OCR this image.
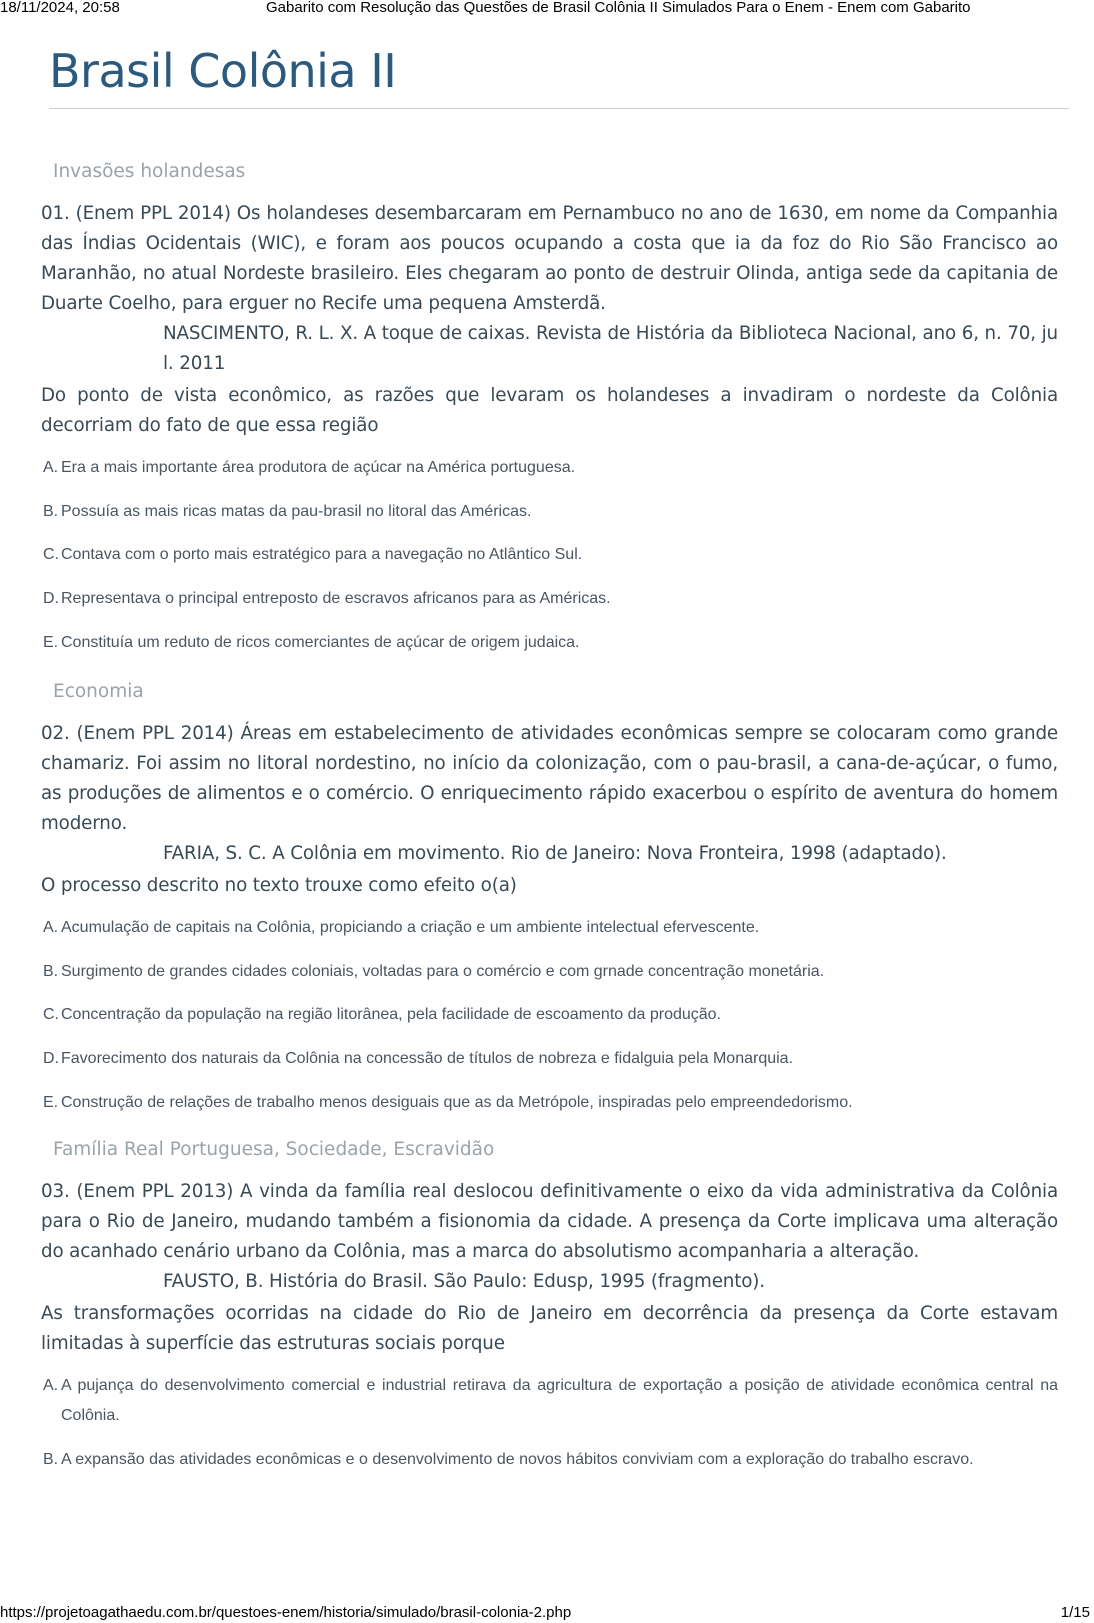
18/11/2024, 20:58	Gabarito com Resolução das Questões de Brasil Colônia II Simulados Para o Enem - Enem com Gabarito
Brasil Colônia II
Invasões holandesas

01. (Enem PPL 2014) Os holandeses desembarcaram em Pernambuco no ano de 1630, em nome da Companhia das Índias Ocidentais (WIC), e foram aos poucos ocupando a costa que ia da foz do Rio São Francisco ao Maranhão, no atual Nordeste brasileiro. Eles chegaram ao ponto de destruir Olinda, antiga sede da capitania de Duarte Coelho, para erguer no Recife uma pequena Amsterdã.

NASCIMENTO, R. L. X. A toque de caixas. Revista de História da Biblioteca Nacional, ano 6, n. 70, jul. 2011

Do ponto de vista econômico, as razões que levaram os holandeses a invadiram o nordeste da Colônia decorriam do fato de que essa região

A. Era a mais importante área produtora de açúcar na América portuguesa.
B. Possuía as mais ricas matas da pau-brasil no litoral das Américas.
C. Contava com o porto mais estratégico para a navegação no Atlântico Sul.
D. Representava o principal entreposto de escravos africanos para as Américas.
E. Constituía um reduto de ricos comerciantes de açúcar de origem judaica.
Economia

02. (Enem PPL 2014) Áreas em estabelecimento de atividades econômicas sempre se colocaram como grande chamariz. Foi assim no litoral nordestino, no início da colonização, com o pau-brasil, a cana-de-açúcar, o fumo, as produções de alimentos e o comércio. O enriquecimento rápido exacerbou o espírito de aventura do homem moderno.

FARIA, S. C. A Colônia em movimento. Rio de Janeiro: Nova Fronteira, 1998 (adaptado).

O processo descrito no texto trouxe como efeito o(a)

A. Acumulação de capitais na Colônia, propiciando a criação e um ambiente intelectual efervescente.
B. Surgimento de grandes cidades coloniais, voltadas para o comércio e com grnade concentração monetária.
C. Concentração da população na região litorânea, pela facilidade de escoamento da produção.
D. Favorecimento dos naturais da Colônia na concessão de títulos de nobreza e fidalguia pela Monarquia.
E. Construção de relações de trabalho menos desiguais que as da Metrópole, inspiradas pelo empreendedorismo.
Família Real Portuguesa, Sociedade, Escravidão

03. (Enem PPL 2013) A vinda da família real deslocou definitivamente o eixo da vida administrativa da Colônia para o Rio de Janeiro, mudando também a fisionomia da cidade. A presença da Corte implicava uma alteração do acanhado cenário urbano da Colônia, mas a marca do absolutismo acompanharia a alteração.

FAUSTO, B. História do Brasil. São Paulo: Edusp, 1995 (fragmento).

As transformações ocorridas na cidade do Rio de Janeiro em decorrência da presença da Corte estavam limitadas à superfície das estruturas sociais porque

A. A pujança do desenvolvimento comercial e industrial retirava da agricultura de exportação a posição de atividade econômica central na Colônia.
B. A expansão das atividades econômicas e o desenvolvimento de novos hábitos conviviam com a exploração do trabalho escravo.
https://projetoagathaedu.com.br/questoes-enem/historia/simulado/brasil-colonia-2.php	1/15
